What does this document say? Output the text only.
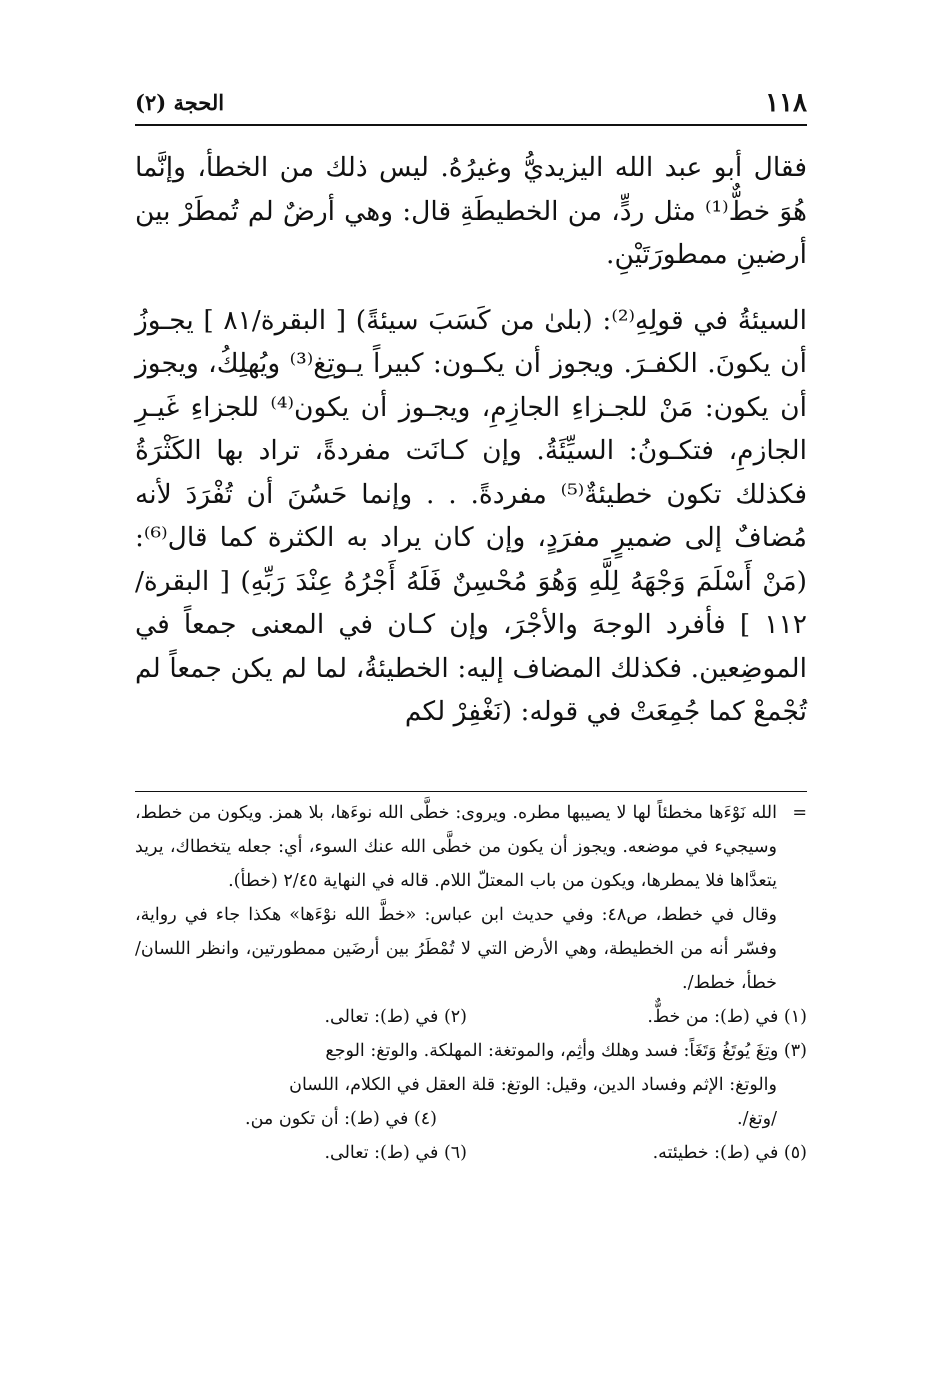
١١٨
الحجة (٢)

فقال أبو عبد الله اليزيديُّ وغيرُهُ. ليس ذلك من الخطأ، وإنَّما هُوَ خطٌّ⁽¹⁾ مثل ردٍّ، من الخطيطَةِ قال: وهي أرضٌ لم تُمطَرْ بين أرضينِ ممطورَتَيْنِ.

السيئةُ في قولِهِ⁽²⁾: (بلىٰ من كَسَبَ سيئةً) [ البقرة/٨١ ] يجـوزُ أن يكونَ. الكفـرَ. ويجوز أن يكـون: كبيراً يـوتِغ⁽³⁾ ويُهلِكُ، ويجوز أن يكون: مَنْ للجـزاءِ الجازِمِ، ويجـوز أن يكون⁽⁴⁾ للجزاءِ غَيـرِ الجازمِ، فتكـونُ: السيِّئَةُ. وإن كـانَت مفردةً، تراد بها الكَثْرَةُ فكذلك تكون خطيئةٌ⁽⁵⁾ مفردةً. . . وإنما حَسُنَ أن تُفْرَدَ لأنه مُضافٌ إلى ضميرٍ مفرَدٍ، وإن كان يراد به الكثرة كما قال⁽⁶⁾: (مَنْ أَسْلَمَ وَجْهَهُ لِلَّهِ وَهُوَ مُحْسِنٌ فَلَهُ أَجْرُهُ عِنْدَ رَبِّهِ) [ البقرة/١١٢ ] فأفرد الوجهَ والأجْرَ، وإن كـان في المعنى جمعاً في الموضِعين. فكذلك المضاف إليه: الخطيئةُ، لما لم يكن جمعاً لم تُجْمعْ كما جُمِعَتْ في قوله: (نَغْفِرْ لكم

=
الله نَوْءَها مخطئاً لها لا يصيبها مطره. ويروى: خطَّى الله نوءَها، بلا همز. ويكون من خطط، وسيجيء في موضعه. ويجوز أن يكون من خطَّى الله عنك السوء، أي: جعله يتخطاك، يريد يتعدَّاها فلا يمطرها، ويكون من باب المعتلّ اللام. قاله في النهاية ٢/٤٥ (خطأ).
وقال في خطط، ص٤٨: وفي حديث ابن عباس: «خطَّ الله نوْءَها» هكذا جاء في رواية، وفسّر أنه من الخطيطة، وهي الأرض التي لا تُمْطَرُ بين أرضَين ممطورتين، وانظر اللسان/ خطأ، خطط/.
(١) في (ط): من خطٌّ.
(٢) في (ط): تعالى.
(٣) وتِغَ يُوتَغُ وَتَغَاً: فسد وهلك وأثِم، والموتغة: المهلكة. والوتغ: الوجع
والوتغ: الإثم وفساد الدين، وقيل: الوتغ: قلة العقل في الكلام، اللسان
/وتغ/.
(٤) في (ط): أن تكون من.
(٥) في (ط): خطيئته.
(٦) في (ط): تعالى.
